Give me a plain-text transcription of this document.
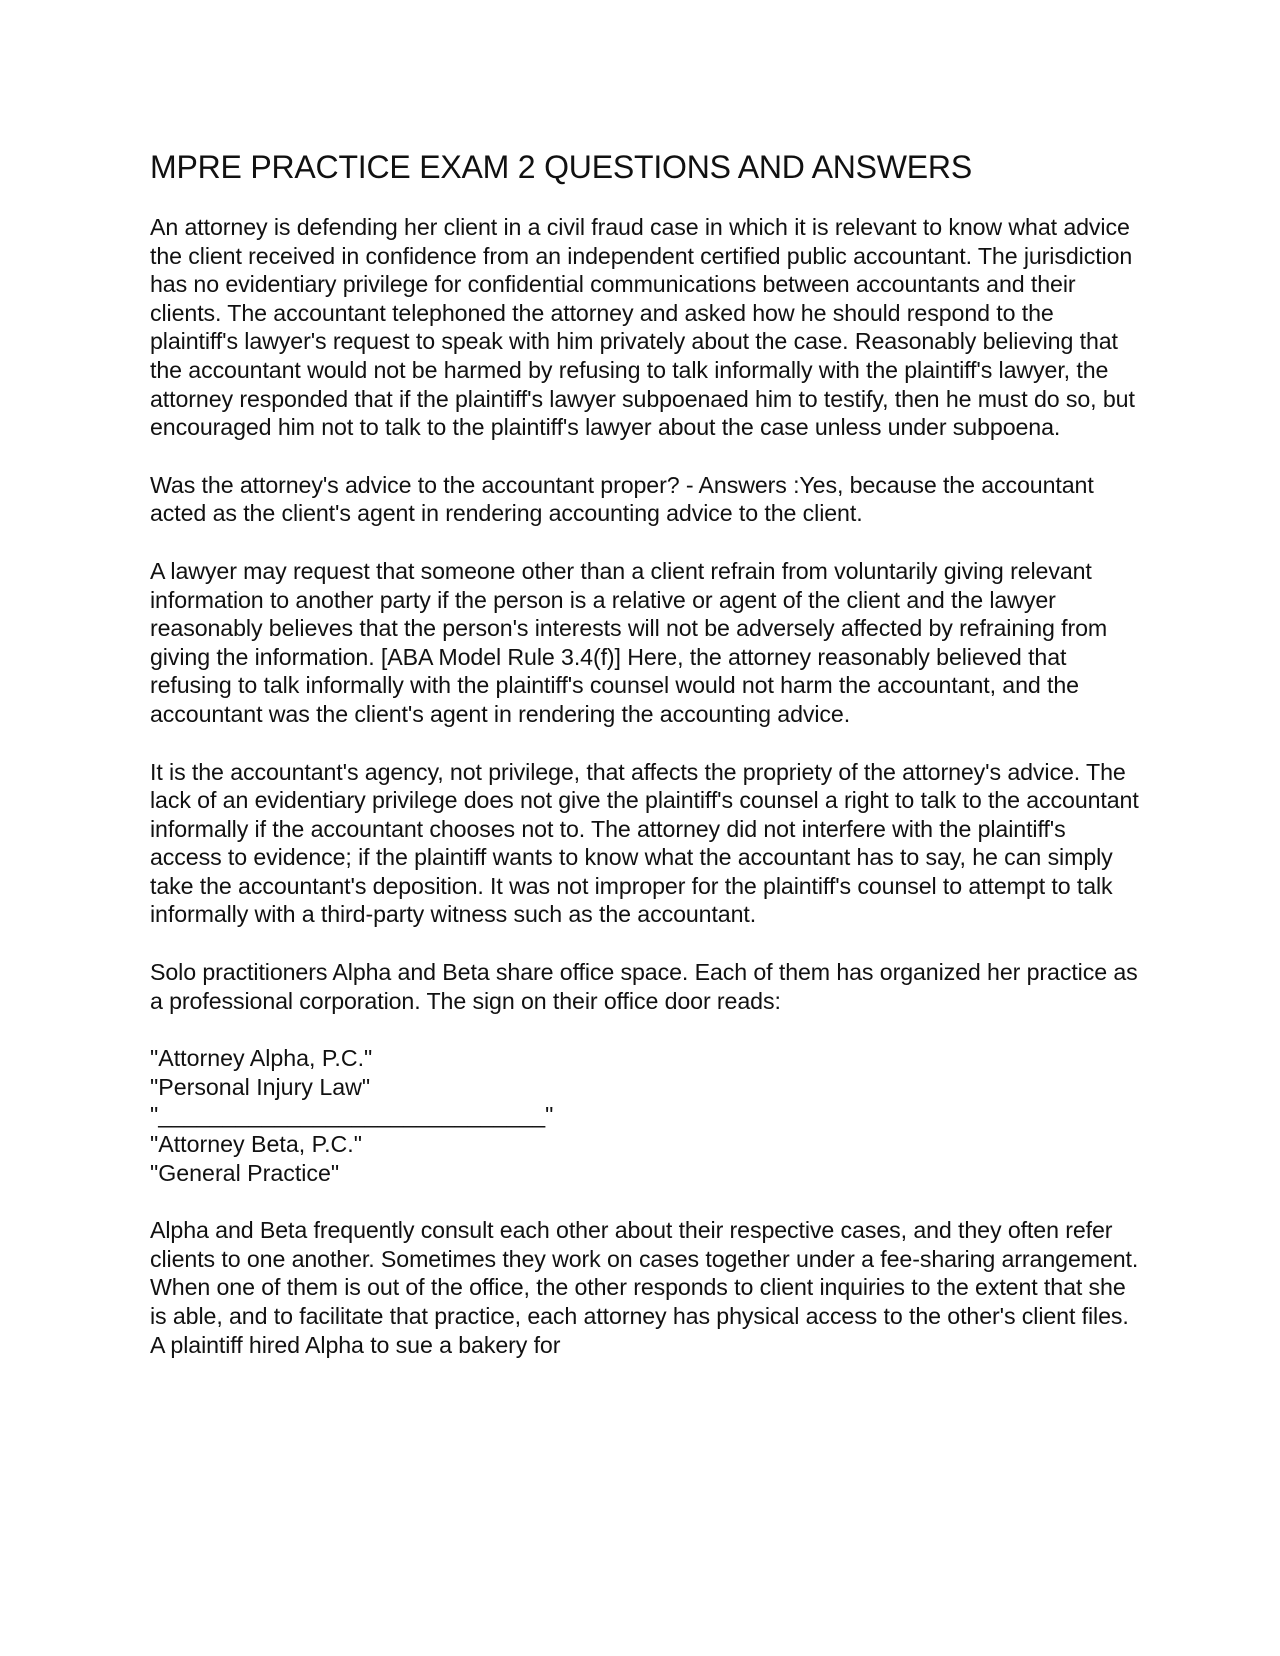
MPRE PRACTICE EXAM 2 QUESTIONS AND ANSWERS

An attorney is defending her client in a civil fraud case in which it is relevant to know what advice the client received in confidence from an independent certified public accountant. The jurisdiction has no evidentiary privilege for confidential communications between accountants and their clients. The accountant telephoned the attorney and asked how he should respond to the plaintiff's lawyer's request to speak with him privately about the case. Reasonably believing that the accountant would not be harmed by refusing to talk informally with the plaintiff's lawyer, the attorney responded that if the plaintiff's lawyer subpoenaed him to testify, then he must do so, but encouraged him not to talk to the plaintiff's lawyer about the case unless under subpoena.

Was the attorney's advice to the accountant proper? - Answers :Yes, because the accountant acted as the client's agent in rendering accounting advice to the client.

A lawyer may request that someone other than a client refrain from voluntarily giving relevant information to another party if the person is a relative or agent of the client and the lawyer reasonably believes that the person's interests will not be adversely affected by refraining from giving the information. [ABA Model Rule 3.4(f)] Here, the attorney reasonably believed that refusing to talk informally with the plaintiff's counsel would not harm the accountant, and the accountant was the client's agent in rendering the accounting advice.

It is the accountant's agency, not privilege, that affects the propriety of the attorney's advice. The lack of an evidentiary privilege does not give the plaintiff's counsel a right to talk to the accountant informally if the accountant chooses not to. The attorney did not interfere with the plaintiff's access to evidence; if the plaintiff wants to know what the accountant has to say, he can simply take the accountant's deposition. It was not improper for the plaintiff's counsel to attempt to talk informally with a third-party witness such as the accountant.

Solo practitioners Alpha and Beta share office space. Each of them has organized her practice as a professional corporation. The sign on their office door reads:

"Attorney Alpha, P.C."
"Personal Injury Law"
"______________________________"
"Attorney Beta, P.C."
"General Practice"

Alpha and Beta frequently consult each other about their respective cases, and they often refer clients to one another. Sometimes they work on cases together under a fee-sharing arrangement. When one of them is out of the office, the other responds to client inquiries to the extent that she is able, and to facilitate that practice, each attorney has physical access to the other's client files. A plaintiff hired Alpha to sue a bakery for
